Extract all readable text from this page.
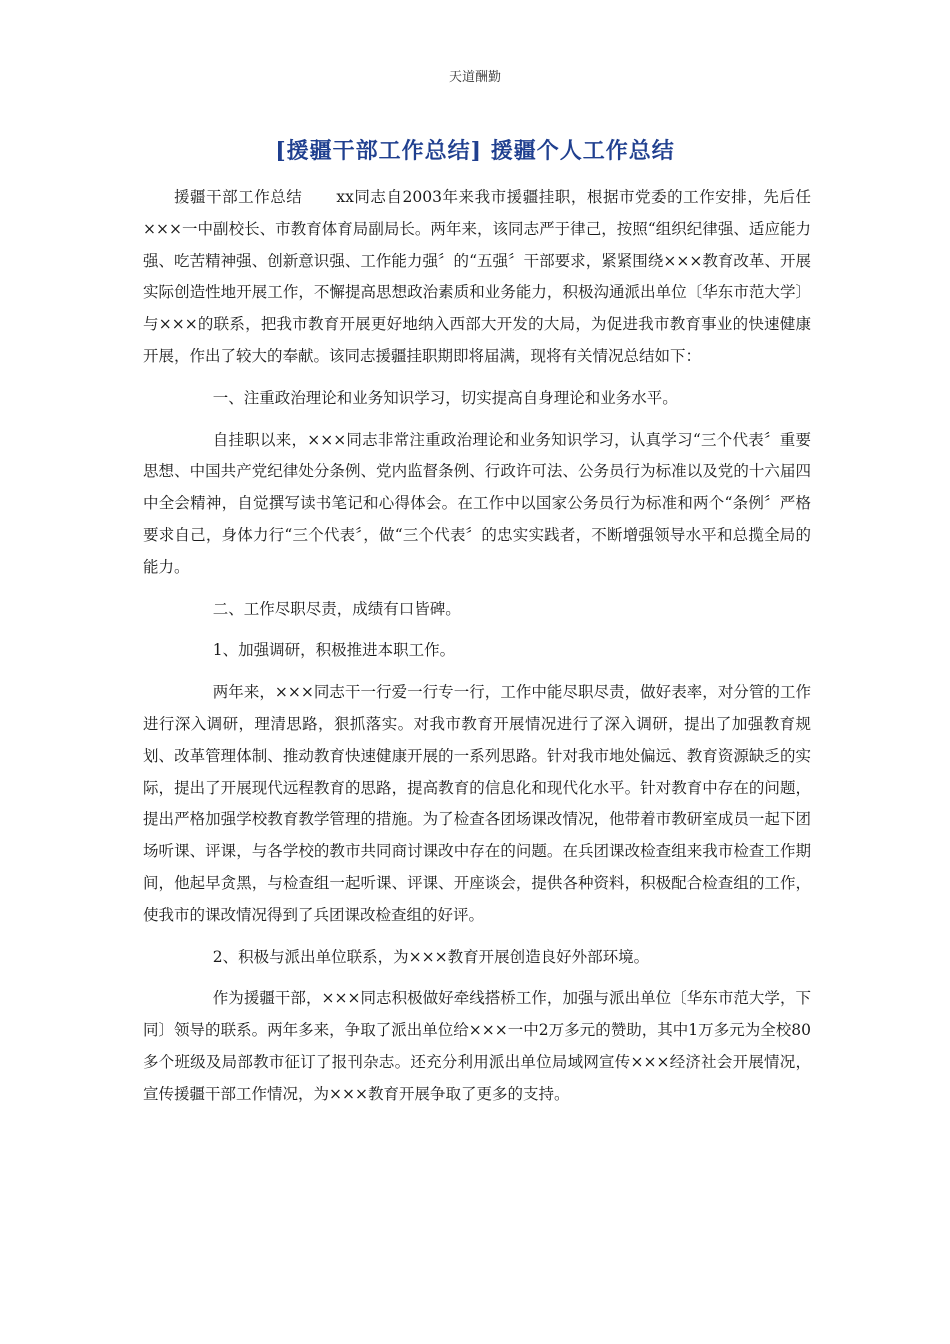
天道酬勤
[援疆干部工作总结] 援疆个人工作总结

援疆干部工作总结 xx同志自2003年来我市援疆挂职，根据市党委的工作安排，先后任×××一中副校长、市教育体育局副局长。两年来，该同志严于律己，按照“组织纪律强、适应能力强、吃苦精神强、创新意识强、工作能力强〞的“五强〞干部要求，紧紧围绕×××教育改革、开展实际创造性地开展工作，不懈提高思想政治素质和业务能力，积极沟通派出单位〔华东市范大学〕与×××的联系，把我市教育开展更好地纳入西部大开发的大局，为促进我市教育事业的快速健康开展，作出了较大的奉献。该同志援疆挂职期即将届满，现将有关情况总结如下：

一、注重政治理论和业务知识学习，切实提高自身理论和业务水平。

自挂职以来，×××同志非常注重政治理论和业务知识学习，认真学习“三个代表〞重要思想、中国共产党纪律处分条例、党内监督条例、行政许可法、公务员行为标准以及党的十六届四中全会精神，自觉撰写读书笔记和心得体会。在工作中以国家公务员行为标准和两个“条例〞严格要求自己，身体力行“三个代表〞，做“三个代表〞的忠实实践者，不断增强领导水平和总揽全局的能力。

二、工作尽职尽责，成绩有口皆碑。

1、加强调研，积极推进本职工作。

两年来，×××同志干一行爱一行专一行，工作中能尽职尽责，做好表率，对分管的工作进行深入调研，理清思路，狠抓落实。对我市教育开展情况进行了深入调研，提出了加强教育规划、改革管理体制、推动教育快速健康开展的一系列思路。针对我市地处偏远、教育资源缺乏的实际，提出了开展现代远程教育的思路，提高教育的信息化和现代化水平。针对教育中存在的问题，提出严格加强学校教育教学管理的措施。为了检查各团场课改情况，他带着市教研室成员一起下团场听课、评课，与各学校的教市共同商讨课改中存在的问题。在兵团课改检查组来我市检查工作期间，他起早贪黑，与检查组一起听课、评课、开座谈会，提供各种资料，积极配合检查组的工作，使我市的课改情况得到了兵团课改检查组的好评。

2、积极与派出单位联系，为×××教育开展创造良好外部环境。

作为援疆干部，×××同志积极做好牵线搭桥工作，加强与派出单位〔华东市范大学，下同〕领导的联系。两年多来，争取了派出单位给×××一中2万多元的赞助，其中1万多元为全校80多个班级及局部教市征订了报刊杂志。还充分利用派出单位局域网宣传×××经济社会开展情况，宣传援疆干部工作情况，为×××教育开展争取了更多的支持。
